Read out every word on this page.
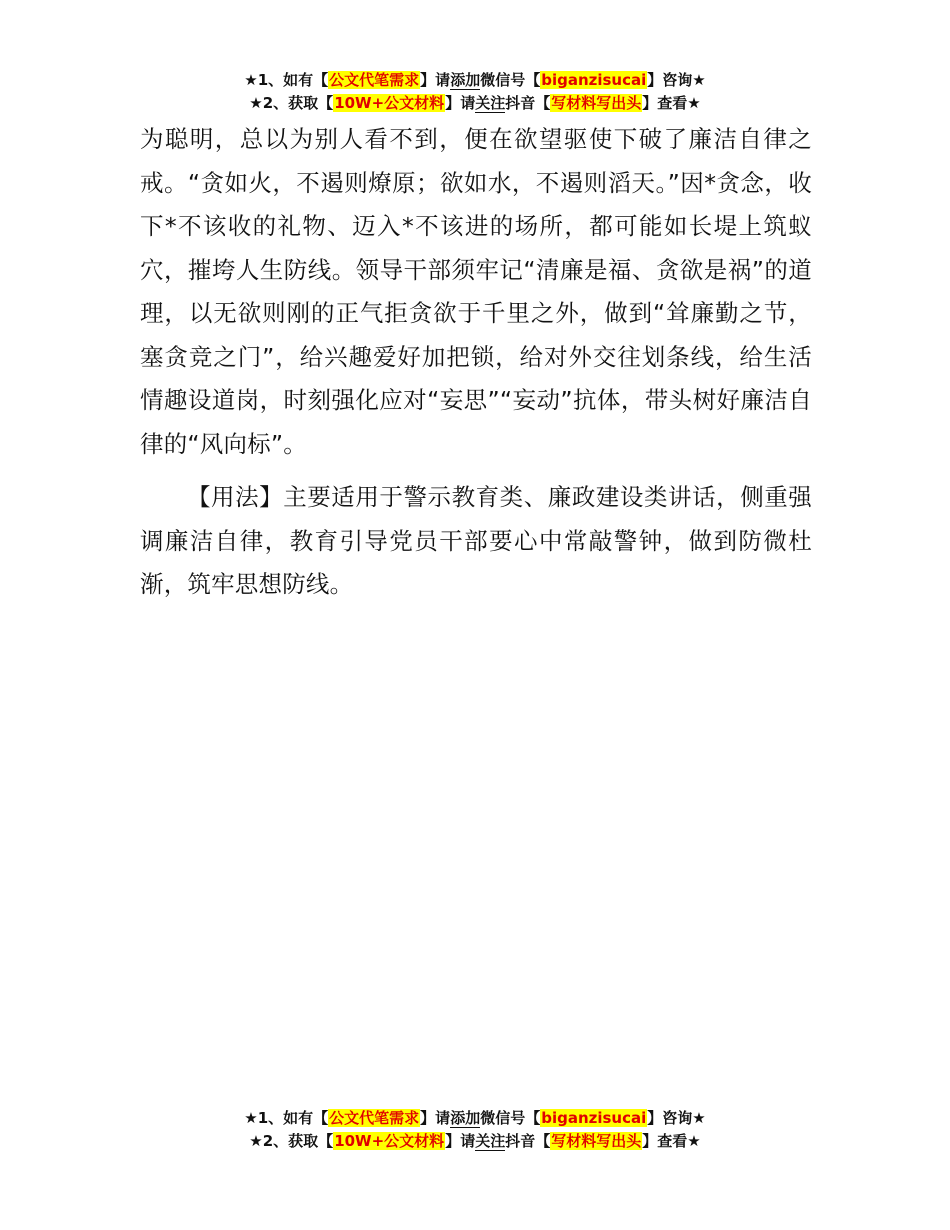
★1、如有【公文代笔需求】请添加微信号【biganzisucai】咨询★
★2、获取【10W+公文材料】请关注抖音【写材料写出头】查看★

为聪明，总以为别人看不到，便在欲望驱使下破了廉洁自律之戒。“贪如火，不遏则燎原；欲如水，不遏则滔天。”因*贪念，收下*不该收的礼物、迈入*不该进的场所，都可能如长堤上筑蚁穴，摧垮人生防线。领导干部须牢记“清廉是福、贪欲是祸”的道理，以无欲则刚的正气拒贪欲于千里之外，做到“耸廉勤之节，塞贪竞之门”，给兴趣爱好加把锁，给对外交往划条线，给生活情趣设道岗，时刻强化应对“妄思”“妄动”抗体，带头树好廉洁自律的“风向标”。

【用法】主要适用于警示教育类、廉政建设类讲话，侧重强调廉洁自律，教育引导党员干部要心中常敲警钟，做到防微杜渐，筑牢思想防线。

★1、如有【公文代笔需求】请添加微信号【biganzisucai】咨询★
★2、获取【10W+公文材料】请关注抖音【写材料写出头】查看★
